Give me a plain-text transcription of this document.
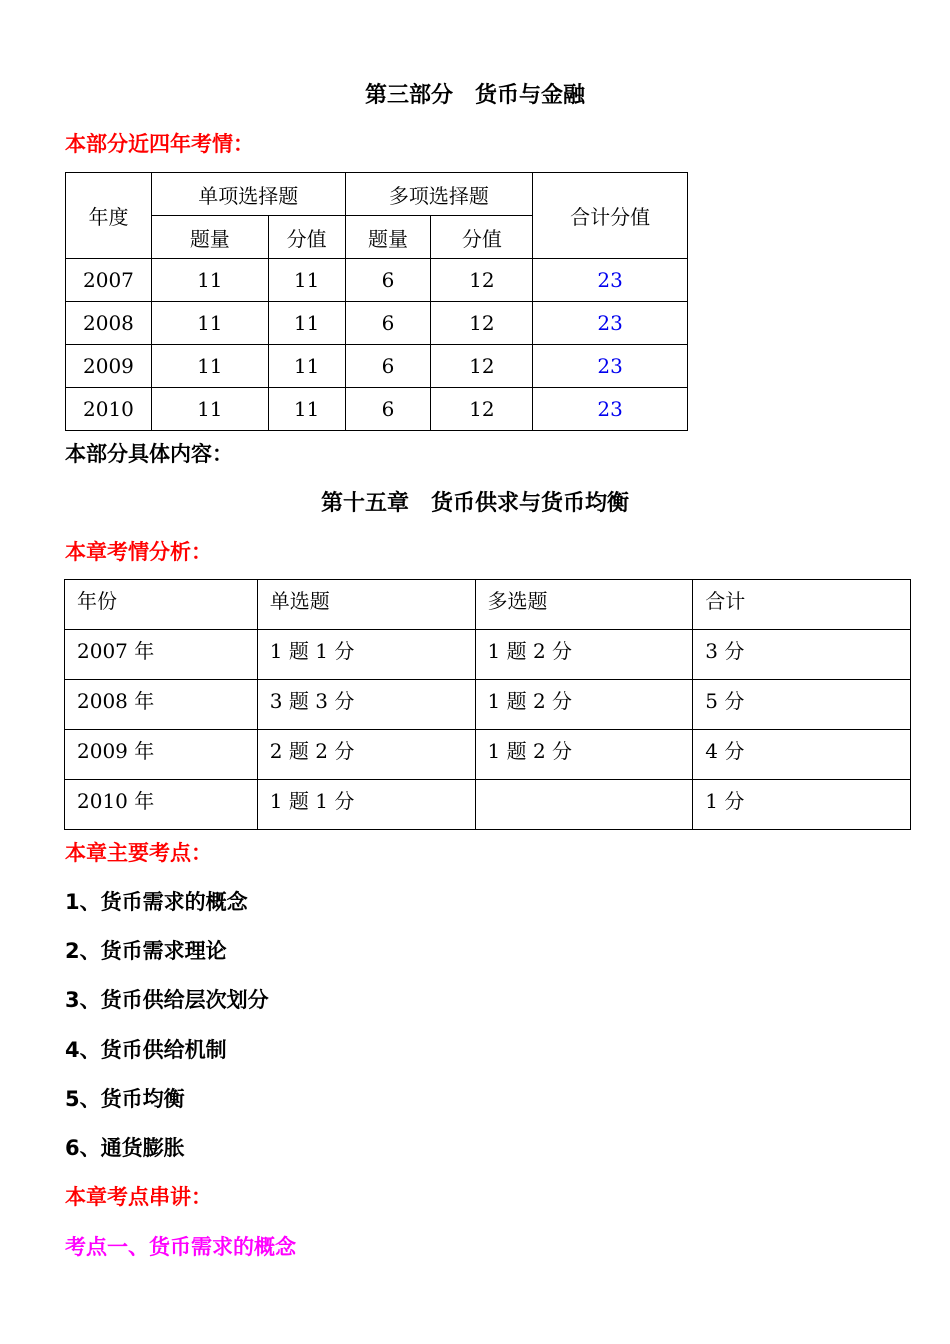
第三部分　货币与金融
本部分近四年考情：
年度	单项选择题		多项选择题		合计分值
	题量	分值	题量	分值	
2007	11	11	6	12	23
2008	11	11	6	12	23
2009	11	11	6	12	23
2010	11	11	6	12	23
本部分具体内容：
第十五章　货币供求与货币均衡
本章考情分析：
年份	单选题	多选题	合计
2007 年	1 题 1 分	1 题 2 分	3 分
2008 年	3 题 3 分	1 题 2 分	5 分
2009 年	2 题 2 分	1 题 2 分	4 分
2010 年	1 题 1 分		1 分
本章主要考点：
1、货币需求的概念
2、货币需求理论
3、货币供给层次划分
4、货币供给机制
5、货币均衡
6、通货膨胀
本章考点串讲：
考点一、货币需求的概念
